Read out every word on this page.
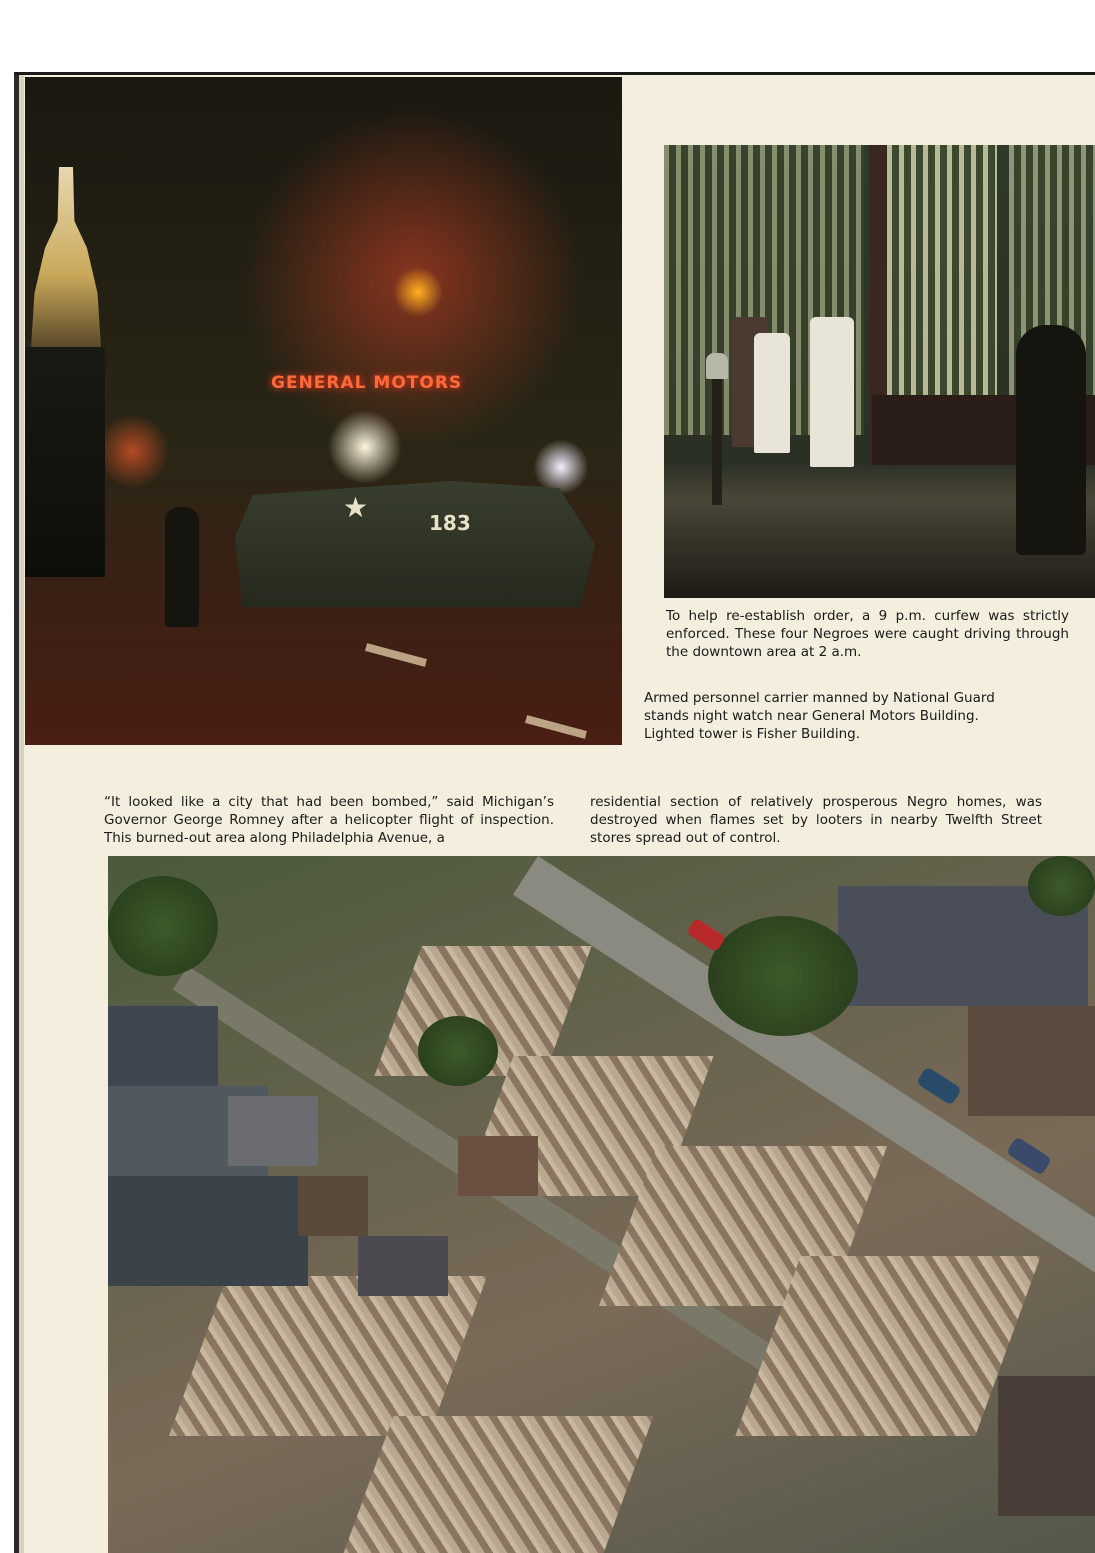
GENERAL MOTORS
★	183
To help re-establish order, a 9 p.m. curfew was strictly enforced. These four Negroes were caught driving through the downtown area at 2 a.m.
Armed personnel carrier manned by National Guard stands night watch near General Motors Building. Lighted tower is Fisher Building.
“It looked like a city that had been bombed,” said Michigan’s Governor George Romney after a helicopter flight of inspection. This burned-out area along Philadelphia Avenue, a
residential section of relatively prosperous Negro homes, was destroyed when flames set by looters in nearby Twelfth Street stores spread out of control.
